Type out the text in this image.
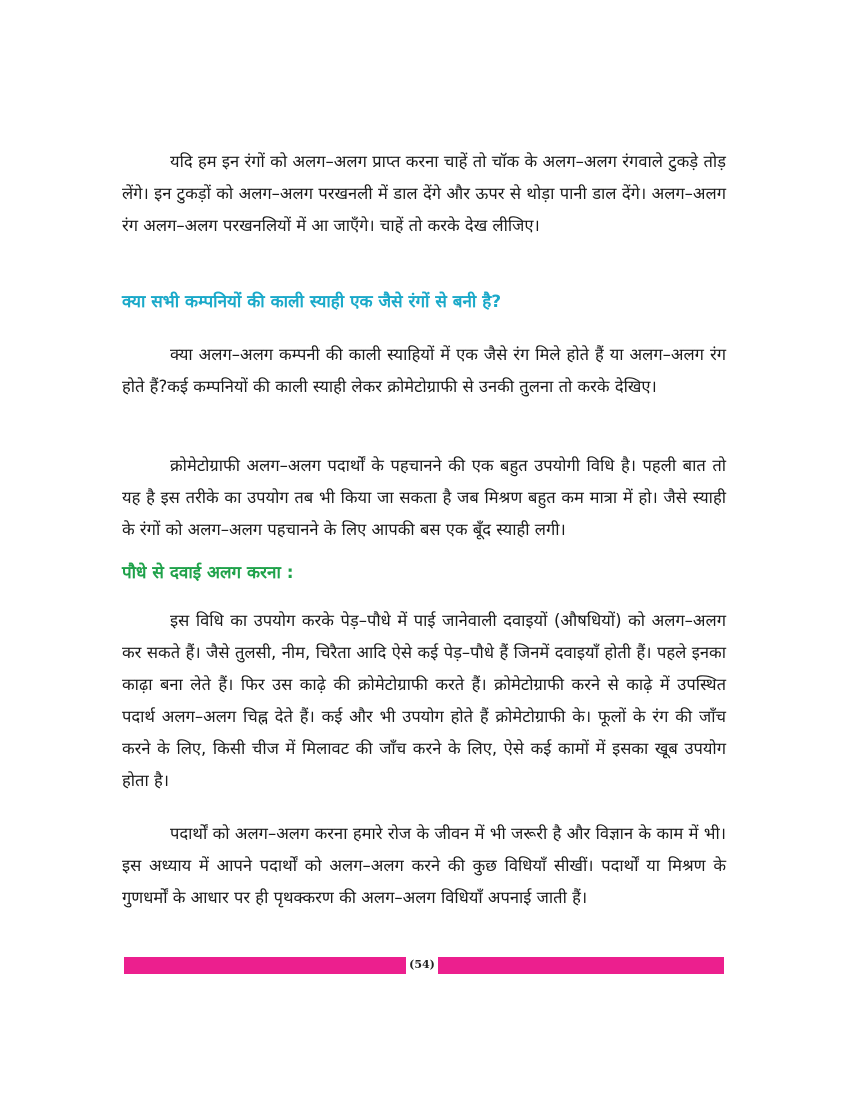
यदि हम इन रंगों को अलग–अलग प्राप्त करना चाहें तो चॉक के अलग–अलग रंगवाले टुकड़े तोड़ लेंगे। इन टुकड़ों को अलग–अलग परखनली में डाल देंगे और ऊपर से थोड़ा पानी डाल देंगे। अलग–अलग रंग अलग–अलग परखनलियों में आ जाएँगे। चाहें तो करके देख लीजिए।

क्या सभी कम्पनियों की काली स्याही एक जैसे रंगों से बनी है?

क्या अलग–अलग कम्पनी की काली स्याहियों में एक जैसे रंग मिले होते हैं या अलग–अलग रंग होते हैं?कई कम्पनियों की काली स्याही लेकर क्रोमेटोग्राफी से उनकी तुलना तो करके देखिए।

क्रोमेटोग्राफी अलग–अलग पदार्थों के पहचानने की एक बहुत उपयोगी विधि है। पहली बात तो यह है इस तरीके का उपयोग तब भी किया जा सकता है जब मिश्रण बहुत कम मात्रा में हो। जैसे स्याही के रंगों को अलग–अलग पहचानने के लिए आपकी बस एक बूँद स्याही लगी।

पौधे से दवाई अलग करना :

इस विधि का उपयोग करके पेड़–पौधे में पाई जानेवाली दवाइयों (औषधियों) को अलग–अलग कर सकते हैं। जैसे तुलसी, नीम, चिरैता आदि ऐसे कई पेड़–पौधे हैं जिनमें दवाइयाँ होती हैं। पहले इनका काढ़ा बना लेते हैं। फिर उस काढ़े की क्रोमेटोग्राफी करते हैं। क्रोमेटोग्राफी करने से काढ़े में उपस्थित पदार्थ अलग–अलग चिह्न देते हैं। कई और भी उपयोग होते हैं क्रोमेटोग्राफी के। फूलों के रंग की जाँच करने के लिए, किसी चीज में मिलावट की जाँच करने के लिए, ऐसे कई कामों में इसका खूब उपयोग होता है।

पदार्थों को अलग–अलग करना हमारे रोज के जीवन में भी जरूरी है और विज्ञान के काम में भी। इस अध्याय में आपने पदार्थों को अलग–अलग करने की कुछ विधियाँ सीखीं। पदार्थों या मिश्रण के गुणधर्मों के आधार पर ही पृथक्करण की अलग–अलग विधियाँ अपनाई जाती हैं।

(54)
